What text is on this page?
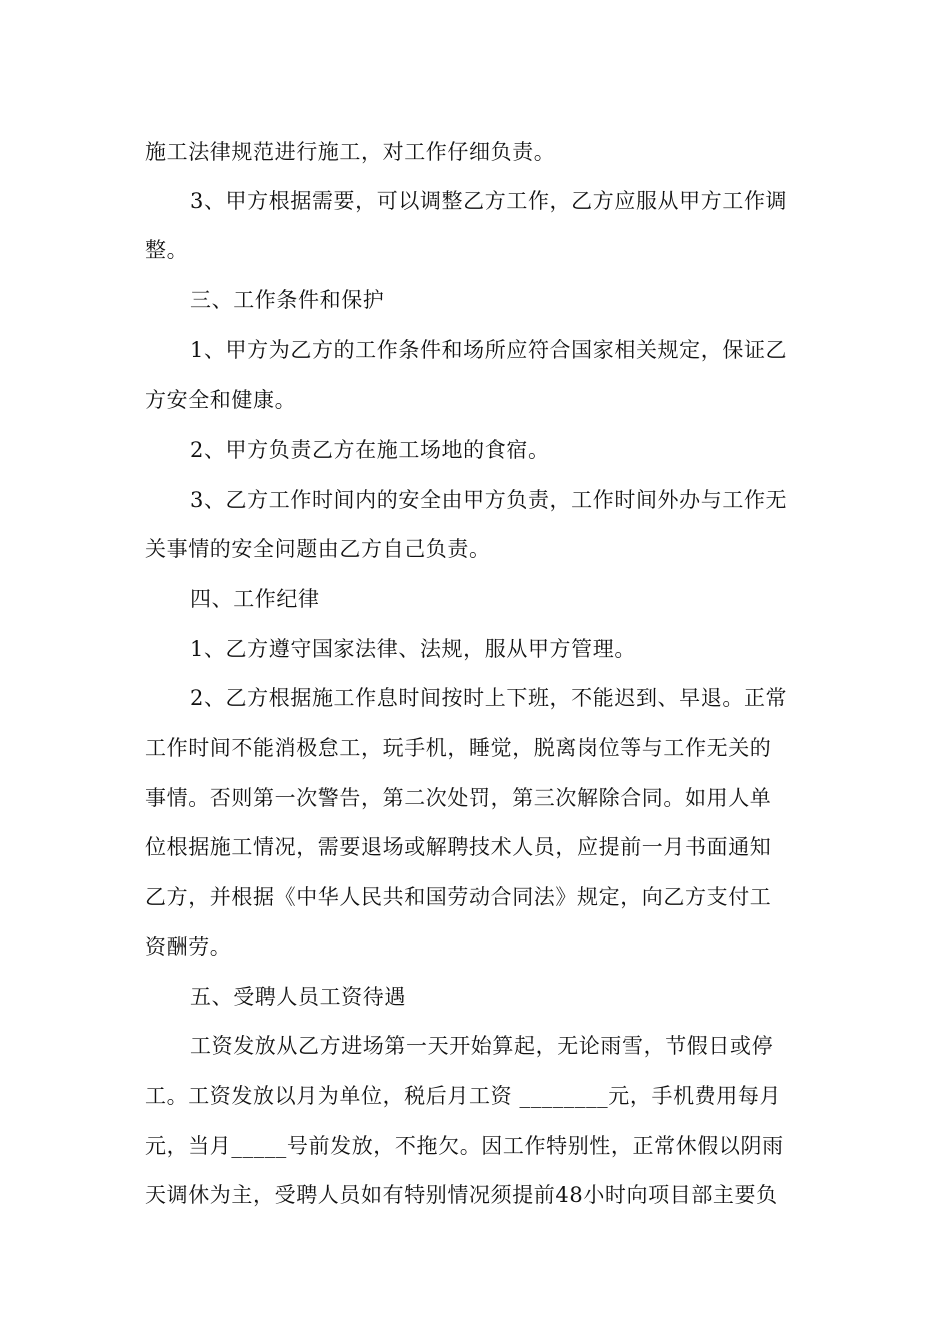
施工法律规范进行施工，对工作仔细负责。
3、甲方根据需要，可以调整乙方工作，乙方应服从甲方工作调
整。
三、工作条件和保护
1、甲方为乙方的工作条件和场所应符合国家相关规定，保证乙
方安全和健康。
2、甲方负责乙方在施工场地的食宿。
3、乙方工作时间内的安全由甲方负责，工作时间外办与工作无
关事情的安全问题由乙方自己负责。
四、工作纪律
1、乙方遵守国家法律、法规，服从甲方管理。
2、乙方根据施工作息时间按时上下班，不能迟到、早退。正常
工作时间不能消极怠工，玩手机，睡觉，脱离岗位等与工作无关的
事情。否则第一次警告，第二次处罚，第三次解除合同。如用人单
位根据施工情况，需要退场或解聘技术人员，应提前一月书面通知
乙方，并根据《中华人民共和国劳动合同法》规定，向乙方支付工
资酬劳。
五、受聘人员工资待遇
工资发放从乙方进场第一天开始算起，无论雨雪，节假日或停
工。工资发放以月为单位，税后月工资 ________元，手机费用每月
元，当月_____号前发放，不拖欠。因工作特别性，正常休假以阴雨
天调休为主，受聘人员如有特别情况须提前48小时向项目部主要负
